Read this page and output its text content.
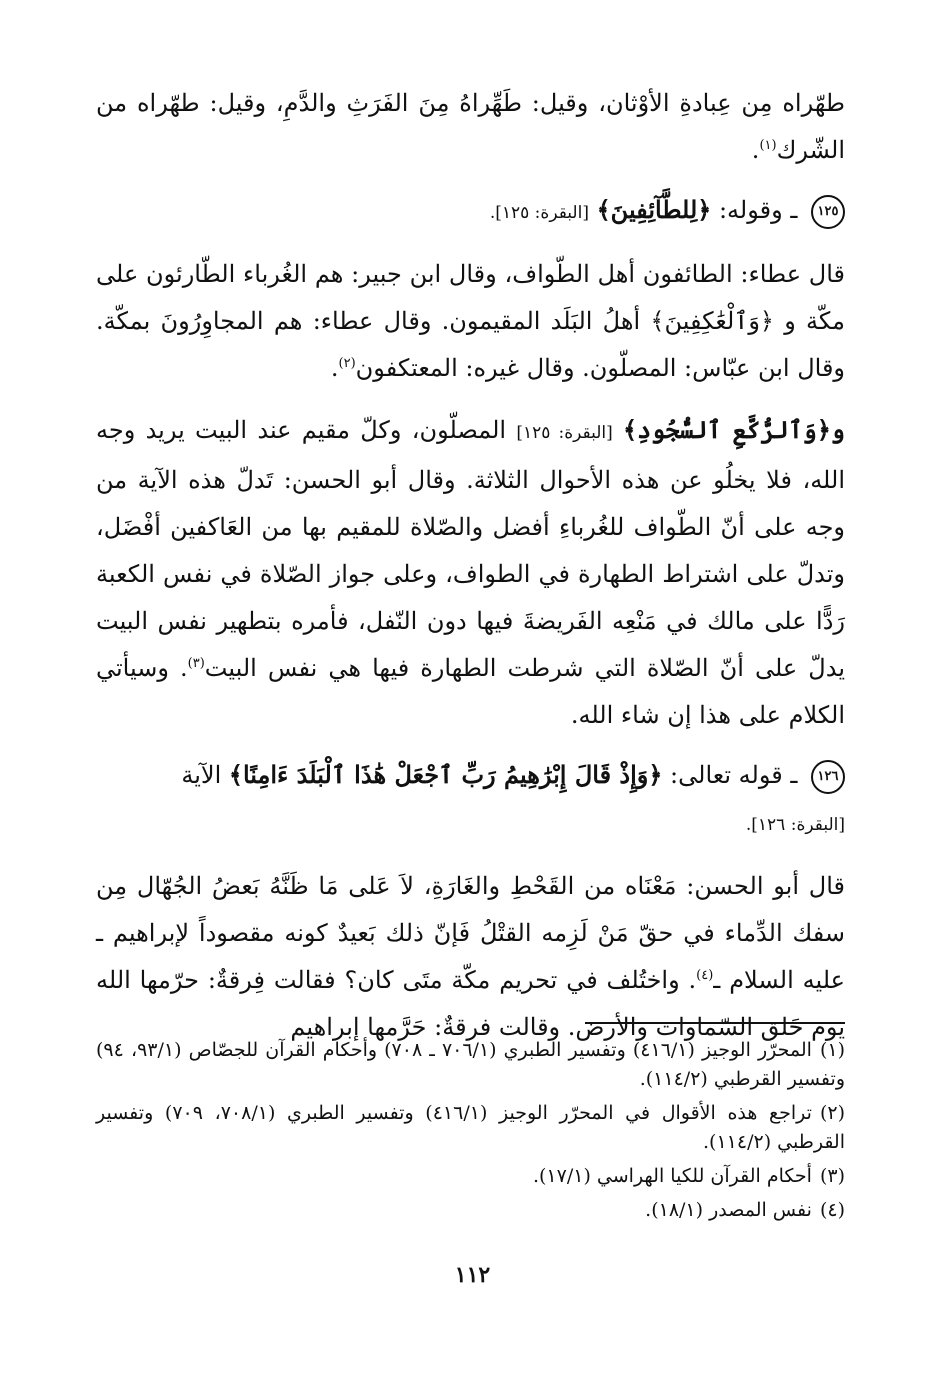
طهّراه مِن عِبادةِ الأوْثان، وقيل: طَهِّراهُ مِنَ الفَرَثِ والدَّمِ، وقيل: طهّراه من الشّرك$^{(١)}$.

١٢٥ ـ وقوله: ﴿لِلطَّآئِفِينَ﴾ [البقرة: ١٢٥].

قال عطاء: الطائفون أهل الطّواف، وقال ابن جبير: هم الغُرباء الطّارئون على مكّة و ﴿وَٱلْعَٰكِفِينَ﴾ أهلُ البَلَد المقيمون. وقال عطاء: هم المجاوِرُونَ بمكّة. وقال ابن عبّاس: المصلّون. وقال غيره: المعتكفون$^{(٢)}$.

و﴿وَٱلرُّكَّعِ ٱلسُّجُودِ﴾ [البقرة: ١٢٥] المصلّون، وكلّ مقيم عند البيت يريد وجه الله، فلا يخلُو عن هذه الأحوال الثلاثة. وقال أبو الحسن: تَدلّ هذه الآية من وجه على أنّ الطّواف للغُرباءِ أفضل والصّلاة للمقيم بها من العَاكفين أفْضَل، وتدلّ على اشتراط الطهارة في الطواف، وعلى جواز الصّلاة في نفس الكعبة رَدًّا على مالك في مَنْعِه الفَريضةَ فيها دون النّفل، فأمره بتطهير نفس البيت يدلّ على أنّ الصّلاة التي شرطت الطهارة فيها هي نفس البيت$^{(٣)}$. وسيأتي الكلام على هذا إن شاء الله.

١٢٦ ـ قوله تعالى: ﴿وَإِذْ قَالَ إِبْرَٰهِيمُ رَبِّ ٱجْعَلْ هَٰذَا ٱلْبَلَدَ ءَامِنًا﴾ الآية
[البقرة: ١٢٦].

قال أبو الحسن: مَعْنَاه من القَحْطِ والغَارَةِ، لاَ عَلى مَا ظَنَّهُ بَعضُ الجُهّال مِن سفك الدِّماء في حقّ مَنْ لَزِمه القتْلُ فَإنّ ذلك بَعيدٌ كونه مقصوداً لإبراهيم ـ عليه السلام ـ$^{(٤)}$. واختُلف في تحريم مكّة متَى كان؟ فقالت فِرقةٌ: حرّمها الله يوم خَلق السّماوات والأرض. وقالت فرقةٌ: حَرَّمها إبراهيم

(١)المحرّر الوجيز (٤١٦/١) وتفسير الطبري (٧٠٦/١ ـ ٧٠٨) وأحكام القرآن للجصّاص (٩٣/١، ٩٤) وتفسير القرطبي (١١٤/٢).

(٢)تراجع هذه الأقوال في المحرّر الوجيز (٤١٦/١) وتفسير الطبري (٧٠٨/١، ٧٠٩) وتفسير القرطبي (١١٤/٢).

(٣)أحكام القرآن للكيا الهراسي (١٧/١).

(٤)نفس المصدر (١٨/١).

١١٢
